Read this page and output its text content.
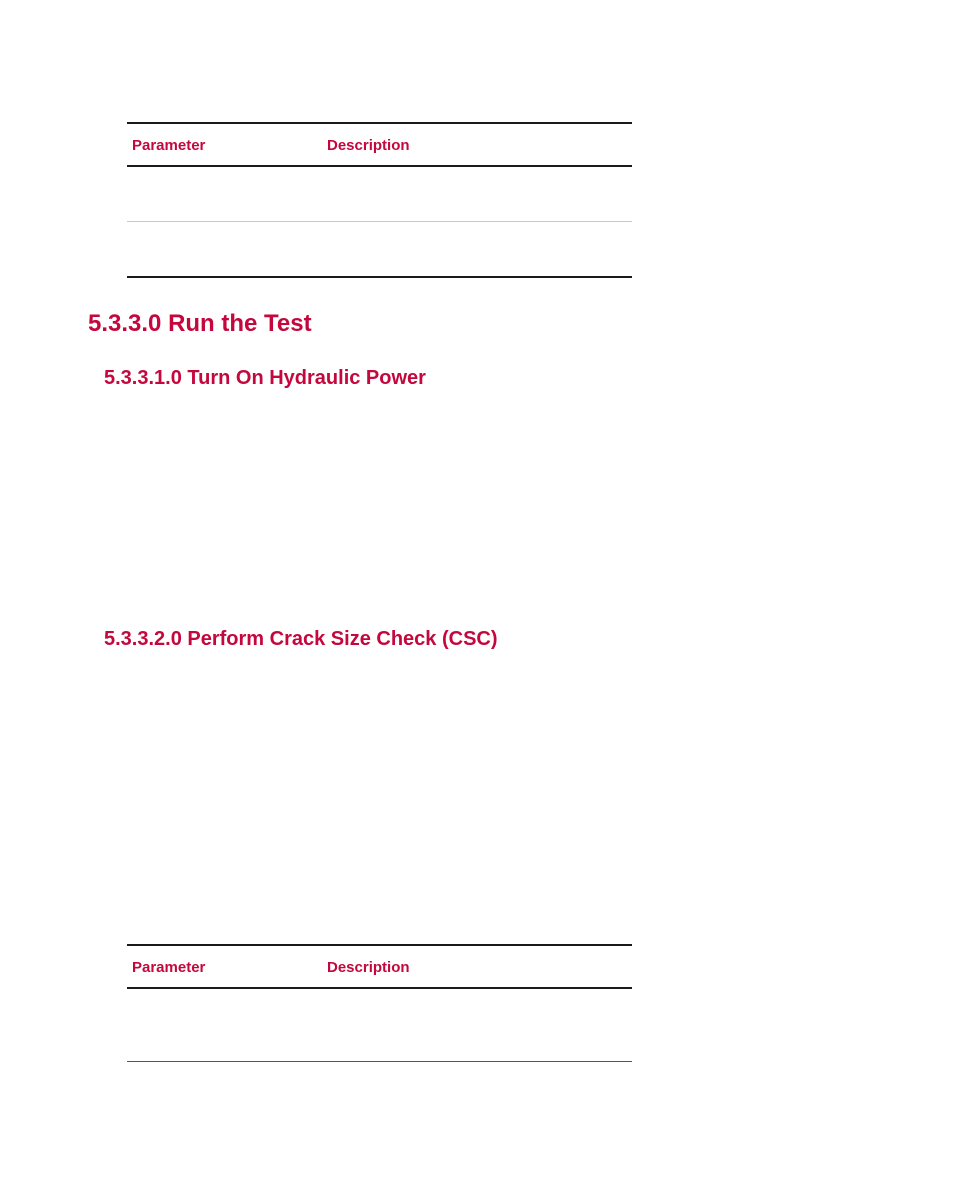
Parameter	Description
5.3.3.0 Run the Test
5.3.3.1.0 Turn On Hydraulic Power
5.3.3.2.0 Perform Crack Size Check (CSC)
Parameter	Description
